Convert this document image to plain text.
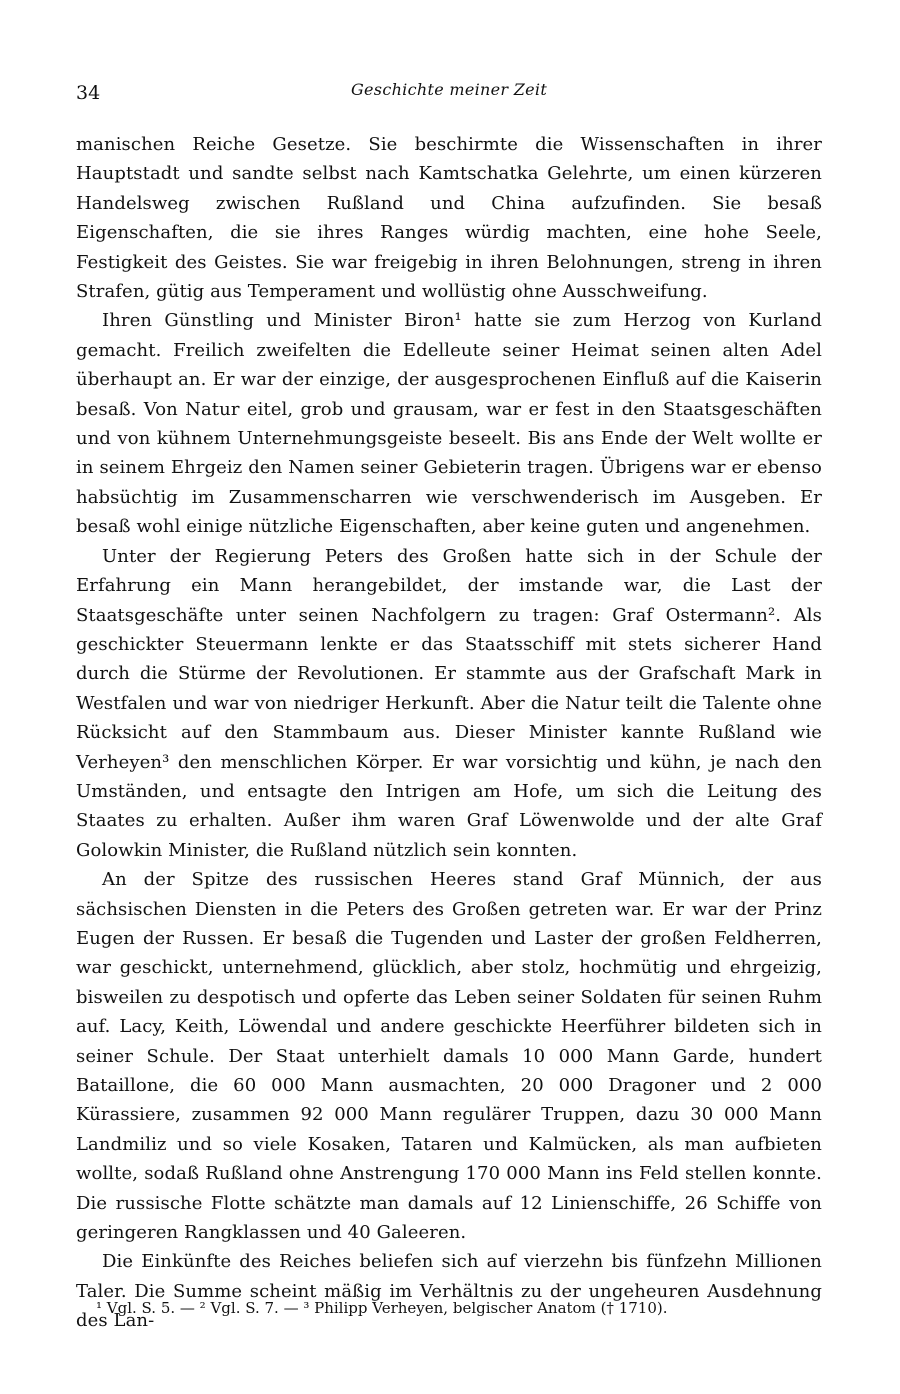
34	Geschichte meiner Zeit

manischen Reiche Gesetze. Sie beschirmte die Wissenschaften in ihrer Hauptstadt und sandte selbst nach Kamtschatka Gelehrte, um einen kürzeren Handelsweg zwischen Rußland und China aufzufinden. Sie besaß Eigenschaften, die sie ihres Ranges würdig machten, eine hohe Seele, Festigkeit des Geistes. Sie war freigebig in ihren Belohnungen, streng in ihren Strafen, gütig aus Temperament und wollüstig ohne Ausschweifung.

Ihren Günstling und Minister Biron¹ hatte sie zum Herzog von Kurland gemacht. Freilich zweifelten die Edelleute seiner Heimat seinen alten Adel überhaupt an. Er war der einzige, der ausgesprochenen Einfluß auf die Kaiserin besaß. Von Natur eitel, grob und grausam, war er fest in den Staatsgeschäften und von kühnem Unternehmungsgeiste beseelt. Bis ans Ende der Welt wollte er in seinem Ehrgeiz den Namen seiner Gebieterin tragen. Übrigens war er ebenso habsüchtig im Zusammenscharren wie verschwenderisch im Ausgeben. Er besaß wohl einige nützliche Eigenschaften, aber keine guten und angenehmen.

Unter der Regierung Peters des Großen hatte sich in der Schule der Erfahrung ein Mann herangebildet, der imstande war, die Last der Staatsgeschäfte unter seinen Nachfolgern zu tragen: Graf Ostermann². Als geschickter Steuermann lenkte er das Staatsschiff mit stets sicherer Hand durch die Stürme der Revolutionen. Er stammte aus der Grafschaft Mark in Westfalen und war von niedriger Herkunft. Aber die Natur teilt die Talente ohne Rücksicht auf den Stammbaum aus. Dieser Minister kannte Rußland wie Verheyen³ den menschlichen Körper. Er war vorsichtig und kühn, je nach den Umständen, und entsagte den Intrigen am Hofe, um sich die Leitung des Staates zu erhalten. Außer ihm waren Graf Löwenwolde und der alte Graf Golowkin Minister, die Rußland nützlich sein konnten.

An der Spitze des russischen Heeres stand Graf Münnich, der aus sächsischen Diensten in die Peters des Großen getreten war. Er war der Prinz Eugen der Russen. Er besaß die Tugenden und Laster der großen Feldherren, war geschickt, unternehmend, glücklich, aber stolz, hochmütig und ehrgeizig, bisweilen zu despotisch und opferte das Leben seiner Soldaten für seinen Ruhm auf. Lacy, Keith, Löwendal und andere geschickte Heerführer bildeten sich in seiner Schule. Der Staat unterhielt damals 10 000 Mann Garde, hundert Bataillone, die 60 000 Mann ausmachten, 20 000 Dragoner und 2 000 Kürassiere, zusammen 92 000 Mann regulärer Truppen, dazu 30 000 Mann Landmiliz und so viele Kosaken, Tataren und Kalmücken, als man aufbieten wollte, sodaß Rußland ohne Anstrengung 170 000 Mann ins Feld stellen konnte. Die russische Flotte schätzte man damals auf 12 Linienschiffe, 26 Schiffe von geringeren Rangklassen und 40 Galeeren.

Die Einkünfte des Reiches beliefen sich auf vierzehn bis fünfzehn Millionen Taler. Die Summe scheint mäßig im Verhältnis zu der ungeheuren Ausdehnung des Lan-

¹ Vgl. S. 5. — ² Vgl. S. 7. — ³ Philipp Verheyen, belgischer Anatom († 1710).
